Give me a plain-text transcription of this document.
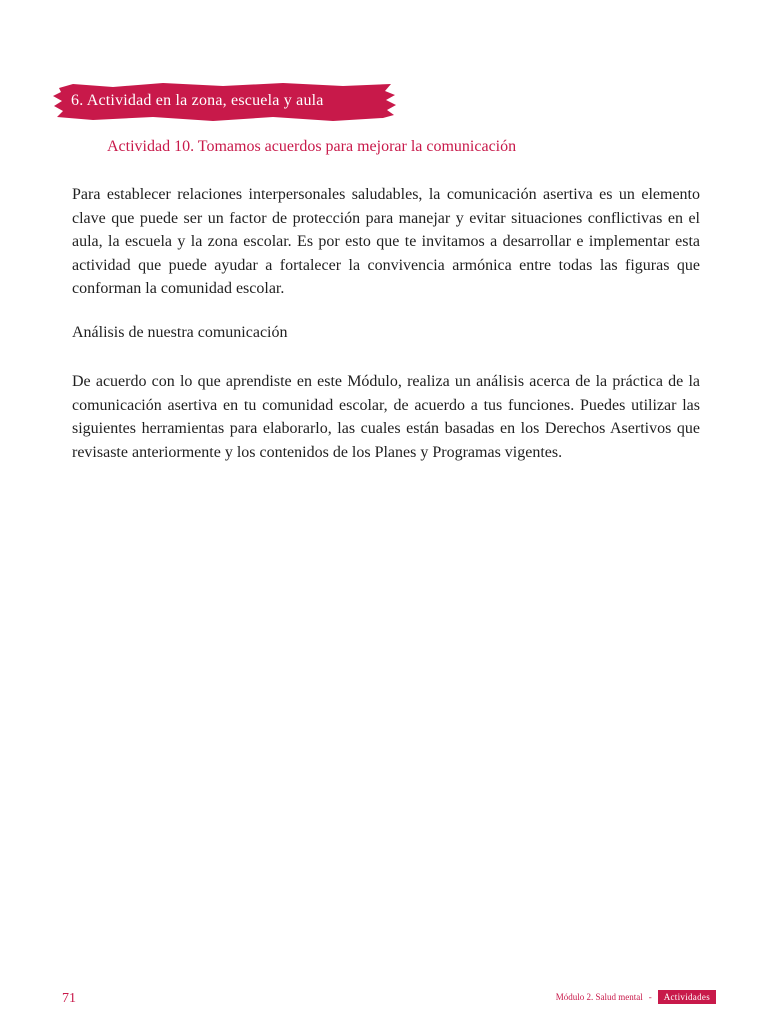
6. Actividad en la zona, escuela y aula
Actividad 10. Tomamos acuerdos para mejorar la comunicación

Para establecer relaciones interpersonales saludables, la comunicación asertiva es un elemento clave que puede ser un factor de protección para manejar y evitar situaciones conflictivas en el aula, la escuela y la zona escolar. Es por esto que te invitamos a desarrollar e implementar esta actividad que puede ayudar a fortalecer la convivencia armónica entre todas las figuras que conforman la comunidad escolar.

Análisis de nuestra comunicación

De acuerdo con lo que aprendiste en este Módulo, realiza un análisis acerca de la práctica de la comunicación asertiva en tu comunidad escolar, de acuerdo a tus funciones. Puedes utilizar las siguientes herramientas para elaborarlo, las cuales están basadas en los Derechos Asertivos que revisaste anteriormente y los contenidos de los Planes y Programas vigentes.

71	Módulo 2. Salud mental -	Actividades
